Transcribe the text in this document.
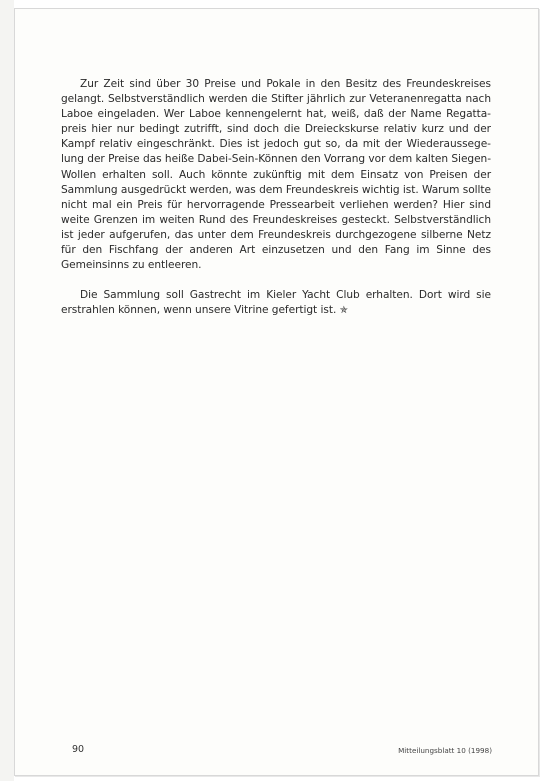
Zur Zeit sind über 30 Preise und Pokale in den Besitz des Freundeskreises gelangt. Selbstverständlich werden die Stifter jährlich zur Veteranenregatta nach Laboe eingeladen. Wer Laboe kennengelernt hat, weiß, daß der Name Regattapreis hier nur bedingt zutrifft, sind doch die Dreieckskurse relativ kurz und der Kampf relativ eingeschränkt. Dies ist jedoch gut so, da mit der Wiederaussegelung der Preise das heiße Dabei-Sein-Können den Vorrang vor dem kalten Siegen-Wollen erhalten soll. Auch könnte zukünftig mit dem Einsatz von Preisen der Sammlung ausgedrückt werden, was dem Freundeskreis wichtig ist. Warum sollte nicht mal ein Preis für hervorragende Pressearbeit verliehen werden? Hier sind weite Grenzen im weiten Rund des Freundeskreises gesteckt. Selbstverständlich ist jeder aufgerufen, das unter dem Freundeskreis durchgezogene silberne Netz für den Fischfang der anderen Art einzusetzen und den Fang im Sinne des Gemeinsinns zu entleeren.

Die Sammlung soll Gastrecht im Kieler Yacht Club erhalten. Dort wird sie erstrahlen können, wenn unsere Vitrine gefertigt ist. ✯

90	Mitteilungsblatt 10 (1998)
